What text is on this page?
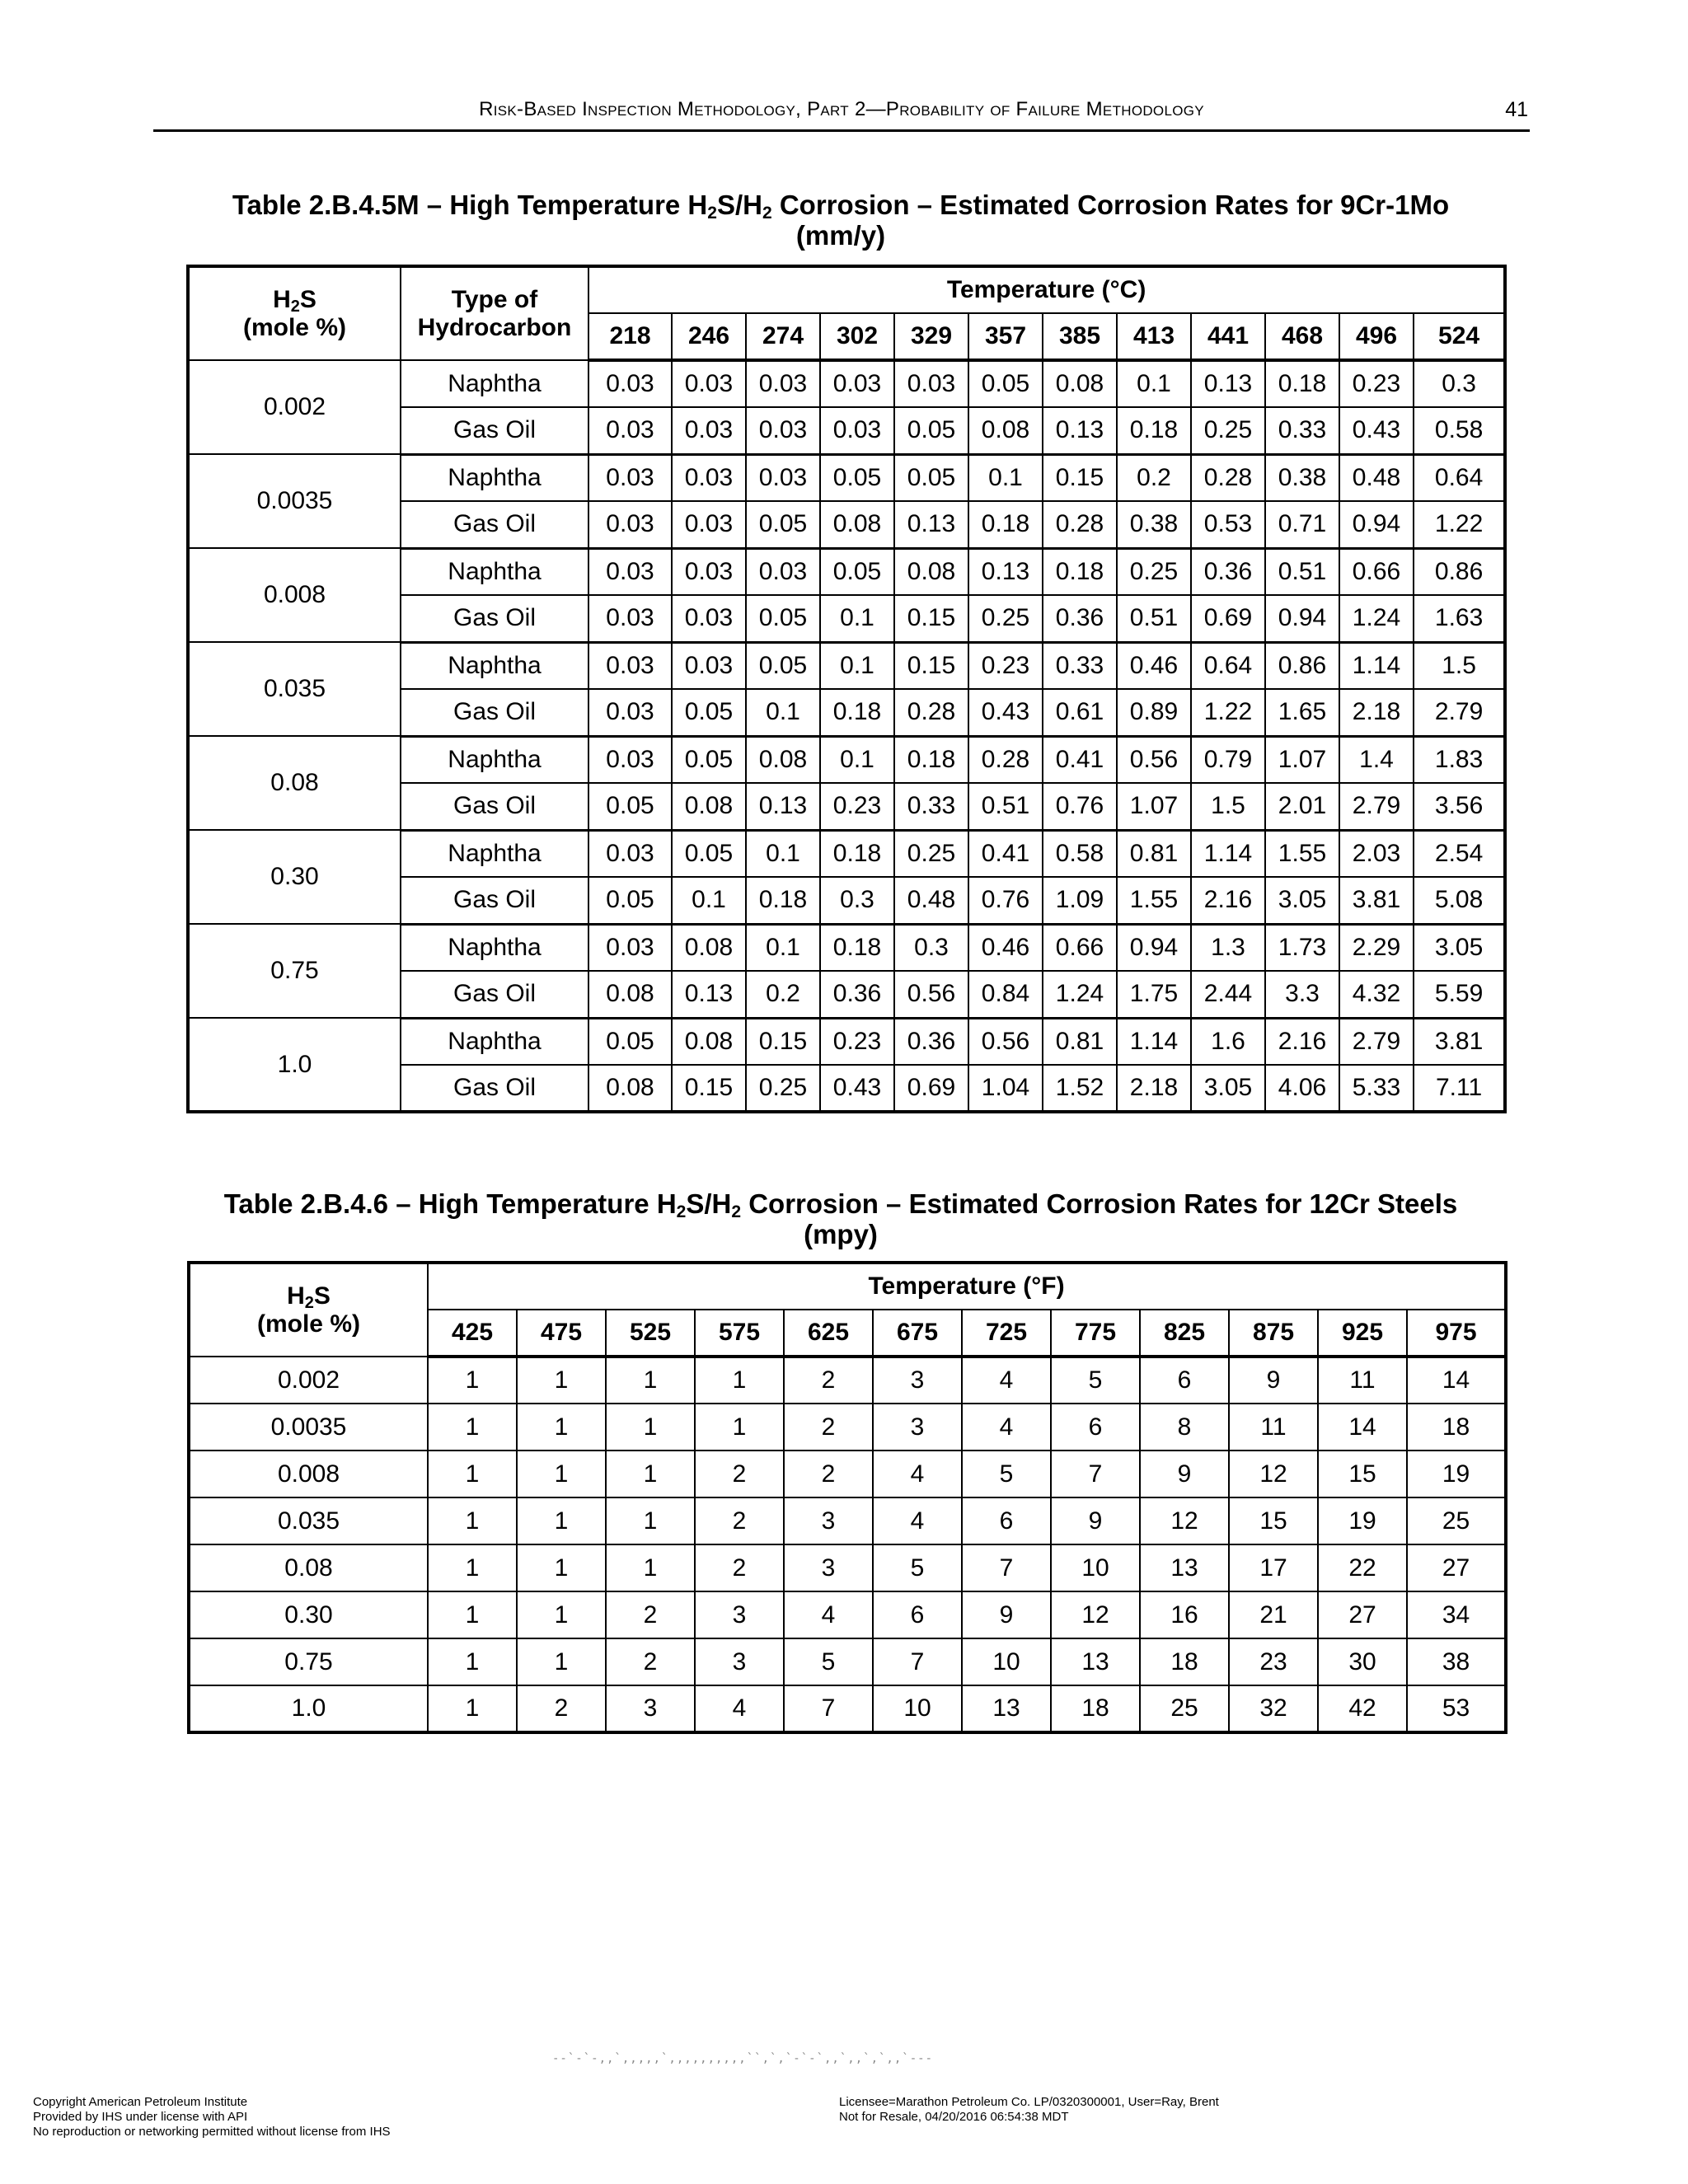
Risk-Based Inspection Methodology, Part 2—Probability of Failure Methodology	41
Table 2.B.4.5M – High Temperature $H_2S/H_2$ Corrosion – Estimated Corrosion Rates for 9Cr-1Mo
(mm/y)
$H_2S$
(mole %)	Type of
Hydrocarbon	Temperature (°C)											
		218	246	274	302	329	357	385	413	441	468	496	524
0.002	Naphtha	0.03	0.03	0.03	0.03	0.03	0.05	0.08	0.1	0.13	0.18	0.23	0.3
	Gas Oil	0.03	0.03	0.03	0.03	0.05	0.08	0.13	0.18	0.25	0.33	0.43	0.58
0.0035	Naphtha	0.03	0.03	0.03	0.05	0.05	0.1	0.15	0.2	0.28	0.38	0.48	0.64
	Gas Oil	0.03	0.03	0.05	0.08	0.13	0.18	0.28	0.38	0.53	0.71	0.94	1.22
0.008	Naphtha	0.03	0.03	0.03	0.05	0.08	0.13	0.18	0.25	0.36	0.51	0.66	0.86
	Gas Oil	0.03	0.03	0.05	0.1	0.15	0.25	0.36	0.51	0.69	0.94	1.24	1.63
0.035	Naphtha	0.03	0.03	0.05	0.1	0.15	0.23	0.33	0.46	0.64	0.86	1.14	1.5
	Gas Oil	0.03	0.05	0.1	0.18	0.28	0.43	0.61	0.89	1.22	1.65	2.18	2.79
0.08	Naphtha	0.03	0.05	0.08	0.1	0.18	0.28	0.41	0.56	0.79	1.07	1.4	1.83
	Gas Oil	0.05	0.08	0.13	0.23	0.33	0.51	0.76	1.07	1.5	2.01	2.79	3.56
0.30	Naphtha	0.03	0.05	0.1	0.18	0.25	0.41	0.58	0.81	1.14	1.55	2.03	2.54
	Gas Oil	0.05	0.1	0.18	0.3	0.48	0.76	1.09	1.55	2.16	3.05	3.81	5.08
0.75	Naphtha	0.03	0.08	0.1	0.18	0.3	0.46	0.66	0.94	1.3	1.73	2.29	3.05
	Gas Oil	0.08	0.13	0.2	0.36	0.56	0.84	1.24	1.75	2.44	3.3	4.32	5.59
1.0	Naphtha	0.05	0.08	0.15	0.23	0.36	0.56	0.81	1.14	1.6	2.16	2.79	3.81
	Gas Oil	0.08	0.15	0.25	0.43	0.69	1.04	1.52	2.18	3.05	4.06	5.33	7.11
Table 2.B.4.6 – High Temperature $H_2S/H_2$ Corrosion – Estimated Corrosion Rates for 12Cr Steels
(mpy)
$H_2S$
(mole %)	Temperature (°F)											
	425	475	525	575	625	675	725	775	825	875	925	975
0.002	1	1	1	1	2	3	4	5	6	9	11	14
0.0035	1	1	1	1	2	3	4	6	8	11	14	18
0.008	1	1	1	2	2	4	5	7	9	12	15	19
0.035	1	1	1	2	3	4	6	9	12	15	19	25
0.08	1	1	1	2	3	5	7	10	13	17	22	27
0.30	1	1	2	3	4	6	9	12	16	21	27	34
0.75	1	1	2	3	5	7	10	13	18	23	30	38
1.0	1	2	3	4	7	10	13	18	25	32	42	53
--`-`-,,`,,,,,`,,,,,,,,,,``,`,`-`-`,,`,,`,`,,`---
Copyright American Petroleum Institute
Provided by IHS under license with API
No reproduction or networking permitted without license from IHS
Licensee=Marathon Petroleum Co. LP/0320300001, User=Ray, Brent
Not for Resale, 04/20/2016 06:54:38 MDT
